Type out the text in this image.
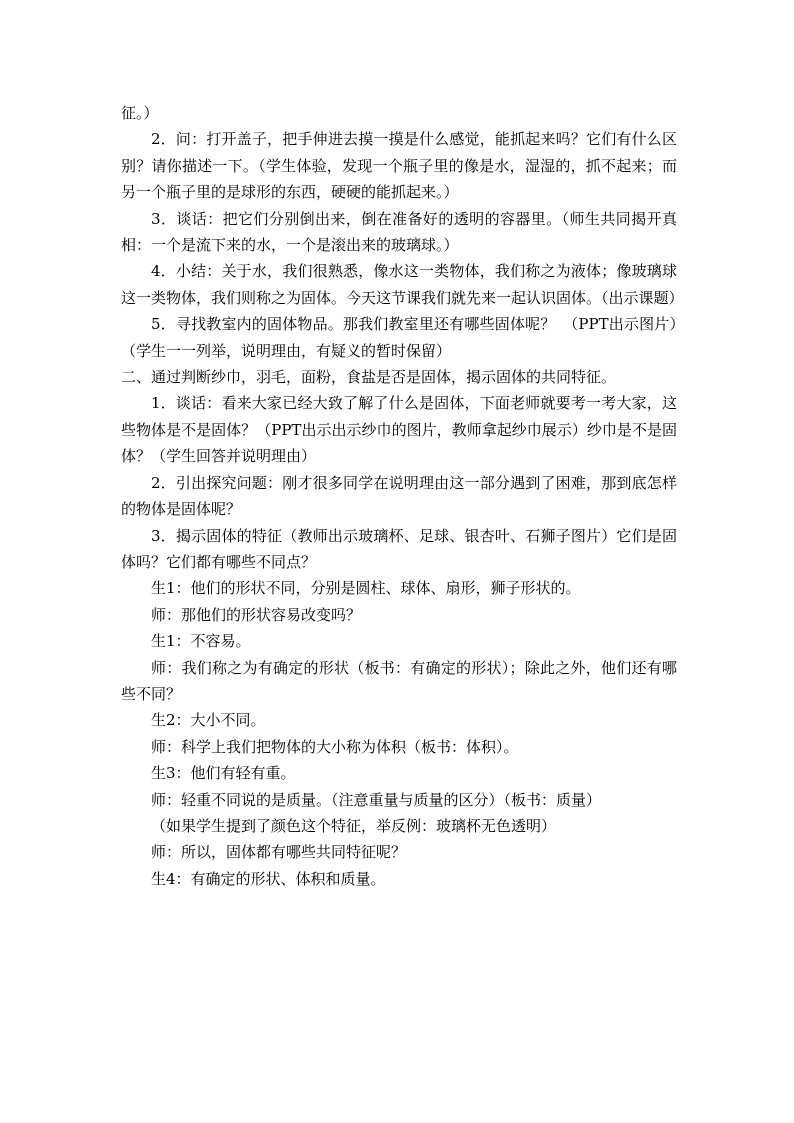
征。）

2．问：打开盖子，把手伸进去摸一摸是什么感觉，能抓起来吗？它们有什么区别？请你描述一下。（学生体验，发现一个瓶子里的像是水，湿湿的，抓不起来；而另一个瓶子里的是球形的东西，硬硬的能抓起来。）

3．谈话：把它们分别倒出来，倒在准备好的透明的容器里。（师生共同揭开真相：一个是流下来的水，一个是滚出来的玻璃球。）

4．小结：关于水，我们很熟悉，像水这一类物体，我们称之为液体；像玻璃球这一类物体，我们则称之为固体。今天这节课我们就先来一起认识固体。（出示课题）

5．寻找教室内的固体物品。那我们教室里还有哪些固体呢？　（PPT出示图片）（学生一一列举，说明理由，有疑义的暂时保留）

二、通过判断纱巾，羽毛，面粉，食盐是否是固体，揭示固体的共同特征。

1．谈话：看来大家已经大致了解了什么是固体，下面老师就要考一考大家，这些物体是不是固体？（PPT出示出示纱巾的图片，教师拿起纱巾展示）纱巾是不是固体？（学生回答并说明理由）

2．引出探究问题：刚才很多同学在说明理由这一部分遇到了困难，那到底怎样的物体是固体呢？

3．揭示固体的特征（教师出示玻璃杯、足球、银杏叶、石狮子图片）它们是固体吗？它们都有哪些不同点？

生1：他们的形状不同，分别是圆柱、球体、扇形，狮子形状的。

师：那他们的形状容易改变吗？

生1：不容易。

师：我们称之为有确定的形状（板书：有确定的形状）；除此之外，他们还有哪些不同？

生2：大小不同。

师：科学上我们把物体的大小称为体积（板书：体积）。

生3：他们有轻有重。

师：轻重不同说的是质量。（注意重量与质量的区分）（板书：质量）

（如果学生提到了颜色这个特征，举反例：玻璃杯无色透明）

师：所以，固体都有哪些共同特征呢？

生4：有确定的形状、体积和质量。
